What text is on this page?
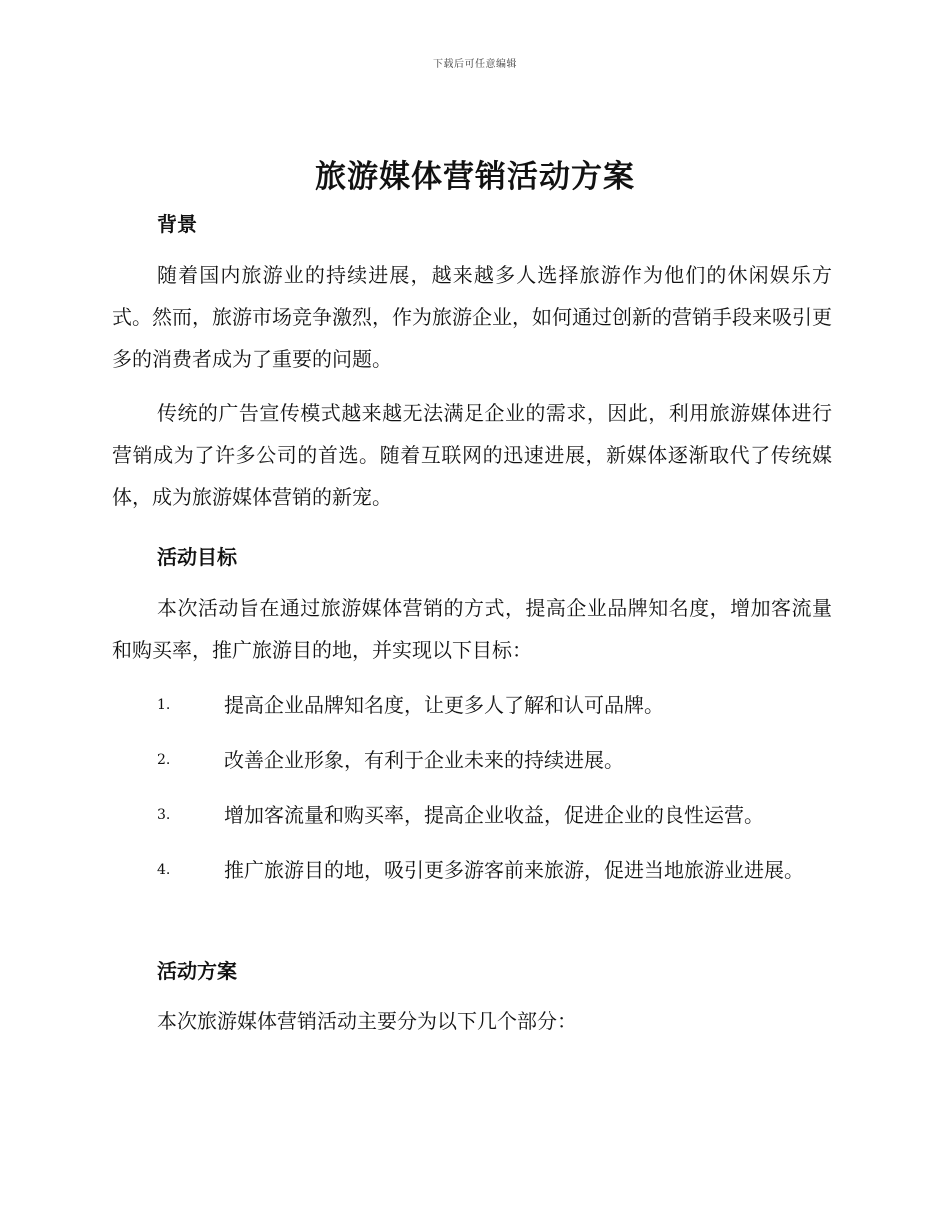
下载后可任意编辑
旅游媒体营销活动方案
背景

随着国内旅游业的持续进展，越来越多人选择旅游作为他们的休闲娱乐方式。然而，旅游市场竞争激烈，作为旅游企业，如何通过创新的营销手段来吸引更多的消费者成为了重要的问题。

传统的广告宣传模式越来越无法满足企业的需求，因此，利用旅游媒体进行营销成为了许多公司的首选。随着互联网的迅速进展，新媒体逐渐取代了传统媒体，成为旅游媒体营销的新宠。

活动目标

本次活动旨在通过旅游媒体营销的方式，提高企业品牌知名度，增加客流量和购买率，推广旅游目的地，并实现以下目标：

1.	提高企业品牌知名度，让更多人了解和认可品牌。
2.	改善企业形象，有利于企业未来的持续进展。
3.	增加客流量和购买率，提高企业收益，促进企业的良性运营。
4.	推广旅游目的地，吸引更多游客前来旅游，促进当地旅游业进展。
活动方案

本次旅游媒体营销活动主要分为以下几个部分：
